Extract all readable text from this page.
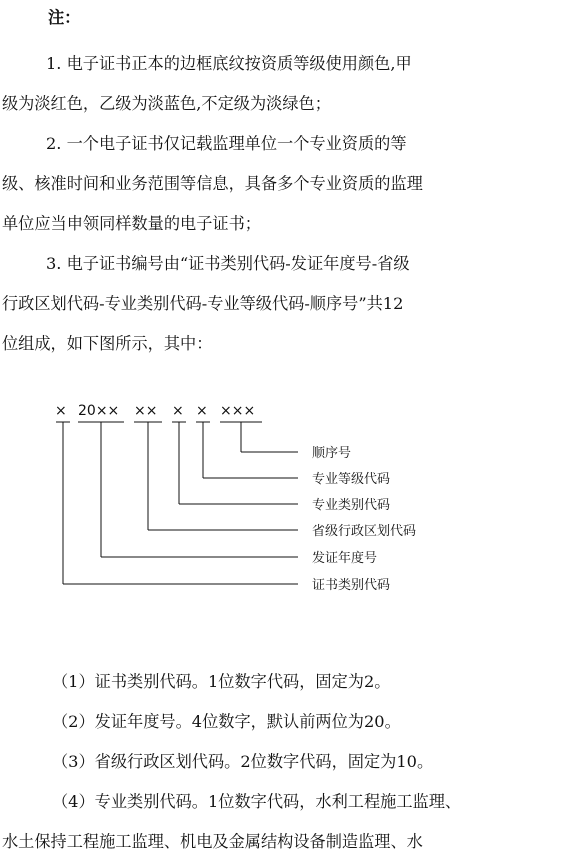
注：
1. 电子证书正本的边框底纹按资质等级使用颜色,甲
级为淡红色，乙级为淡蓝色,不定级为淡绿色；
2. 一个电子证书仅记载监理单位一个专业资质的等
级、核准时间和业务范围等信息，具备多个专业资质的监理
单位应当申领同样数量的电子证书；
3. 电子证书编号由“证书类别代码-发证年度号-省级
行政区划代码-专业类别代码-专业等级代码-顺序号”共12
位组成，如下图所示，其中：
× 20×× ×× × × ×××
顺序号
专业等级代码
专业类别代码
省级行政区划代码
发证年度号
证书类别代码
（1）证书类别代码。1位数字代码，固定为2。
（2）发证年度号。4位数字，默认前两位为20。
（3）省级行政区划代码。2位数字代码，固定为10。
（4）专业类别代码。1位数字代码，水利工程施工监理、
水土保持工程施工监理、机电及金属结构设备制造监理、水
